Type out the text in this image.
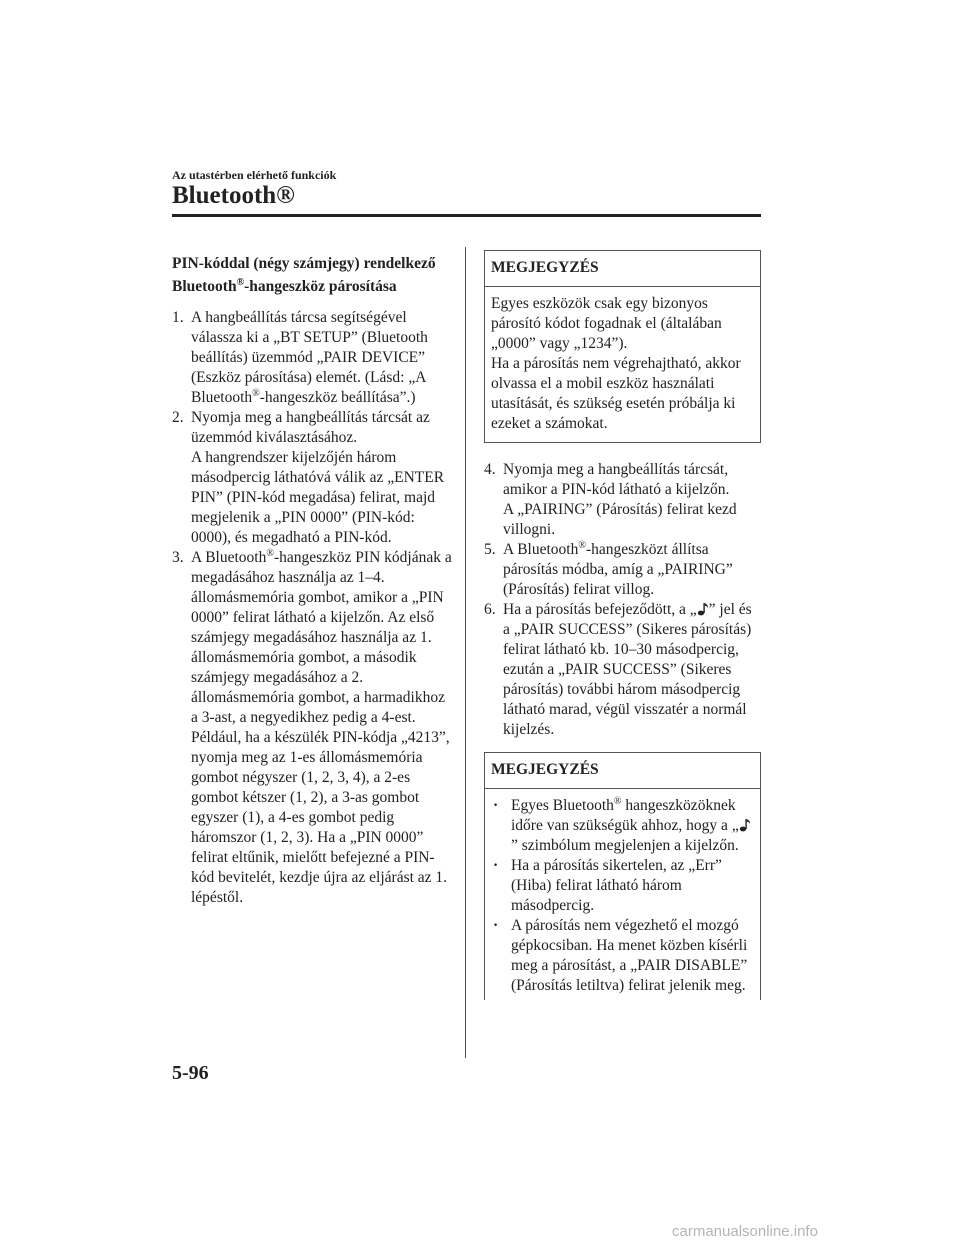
Az utastérben elérhető funkciók
Bluetooth®
PIN-kóddal (négy számjegy) rendelkező
Bluetooth®-hangeszköz párosítása
1. A hangbeállítás tárcsa segítségével válassza ki a „BT SETUP” (Bluetooth beállítás) üzemmód „PAIR DEVICE” (Eszköz párosítása) elemét. (Lásd: „A Bluetooth®-hangeszköz beállítása”.)
2. Nyomja meg a hangbeállítás tárcsát az üzemmód kiválasztásához.
A hangrendszer kijelzőjén három másodpercig láthatóvá válik az „ENTER PIN” (PIN-kód megadása) felirat, majd megjelenik a „PIN 0000” (PIN-kód: 0000), és megadható a PIN-kód.
3. A Bluetooth®-hangeszköz PIN kódjának a megadásához használja az 1–4. állomásmemória gombot, amikor a „PIN 0000” felirat látható a kijelzőn. Az első számjegy megadásához használja az 1. állomásmemória gombot, a második számjegy megadásához a 2. állomásmemória gombot, a harmadikhoz a 3-ast, a negyedikhez pedig a 4-est. Például, ha a készülék PIN-kódja „4213”, nyomja meg az 1-es állomásmemória gombot négyszer (1, 2, 3, 4), a 2-es gombot kétszer (1, 2), a 3-as gombot egyszer (1), a 4-es gombot pedig háromszor (1, 2, 3). Ha a „PIN 0000” felirat eltűnik, mielőtt befejezné a PIN-kód bevitelét, kezdje újra az eljárást az 1. lépéstől.
MEGJEGYZÉS

Egyes eszközök csak egy bizonyos párosító kódot fogadnak el (általában „0000” vagy „1234”).

Ha a párosítás nem végrehajtható, akkor olvassa el a mobil eszköz használati utasítását, és szükség esetén próbálja ki ezeket a számokat.

4. Nyomja meg a hangbeállítás tárcsát, amikor a PIN-kód látható a kijelzőn.
A „PAIRING” (Párosítás) felirat kezd villogni.
5. A Bluetooth®-hangeszközt állítsa párosítás módba, amíg a „PAIRING” (Párosítás) felirat villog.
6. Ha a párosítás befejeződött, a „ ” jel és a „PAIR SUCCESS” (Sikeres párosítás) felirat látható kb. 10–30 másodpercig, ezután a „PAIR SUCCESS” (Sikeres párosítás) további három másodpercig látható marad, végül visszatér a normál kijelzés.
MEGJEGYZÉS
· Egyes Bluetooth® hangeszközöknek időre van szükségük ahhoz, hogy a „” szimbólum megjelenjen a kijelzőn.
· Ha a párosítás sikertelen, az „Err” (Hiba) felirat látható három másodpercig.
· A párosítás nem végezhető el mozgó gépkocsiban. Ha menet közben kísérli meg a párosítást, a „PAIR DISABLE” (Párosítás letiltva) felirat jelenik meg.
5-96
carmanualsonline.info
